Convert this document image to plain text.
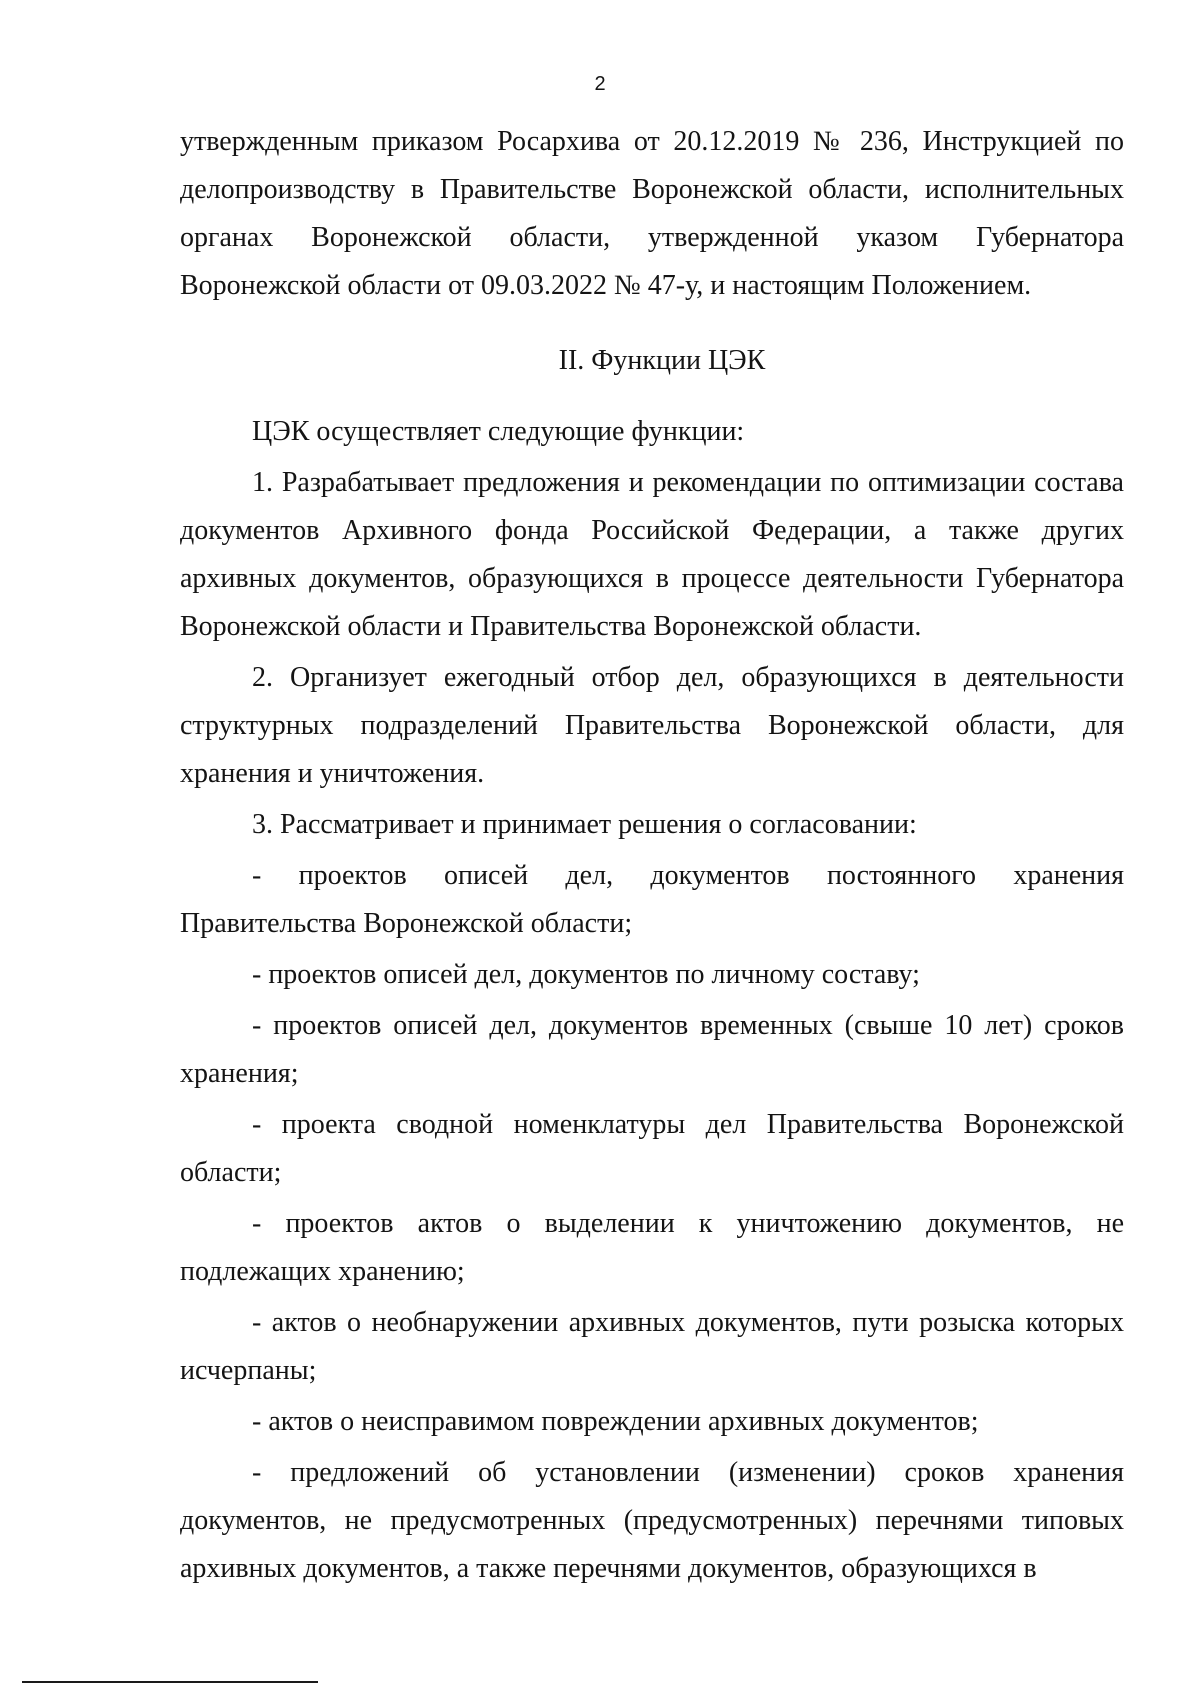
2

утвержденным приказом Росархива от 20.12.2019 № 236, Инструкцией по делопроизводству в Правительстве Воронежской области, исполнительных органах Воронежской области, утвержденной указом Губернатора Воронежской области от 09.03.2022 № 47-у, и настоящим Положением.

II. Функции ЦЭК

ЦЭК осуществляет следующие функции:

1. Разрабатывает предложения и рекомендации по оптимизации состава документов Архивного фонда Российской Федерации, а также других архивных документов, образующихся в процессе деятельности Губернатора Воронежской области и Правительства Воронежской области.

2. Организует ежегодный отбор дел, образующихся в деятельности структурных подразделений Правительства Воронежской области, для хранения и уничтожения.

3. Рассматривает и принимает решения о согласовании:

- проектов описей дел, документов постоянного хранения Правительства Воронежской области;

- проектов описей дел, документов по личному составу;

- проектов описей дел, документов временных (свыше 10 лет) сроков хранения;

- проекта сводной номенклатуры дел Правительства Воронежской области;

- проектов актов о выделении к уничтожению документов, не подлежащих хранению;

- актов о необнаружении архивных документов, пути розыска которых исчерпаны;

- актов о неисправимом повреждении архивных документов;

- предложений об установлении (изменении) сроков хранения документов, не предусмотренных (предусмотренных) перечнями типовых архивных документов, а также перечнями документов, образующихся в
